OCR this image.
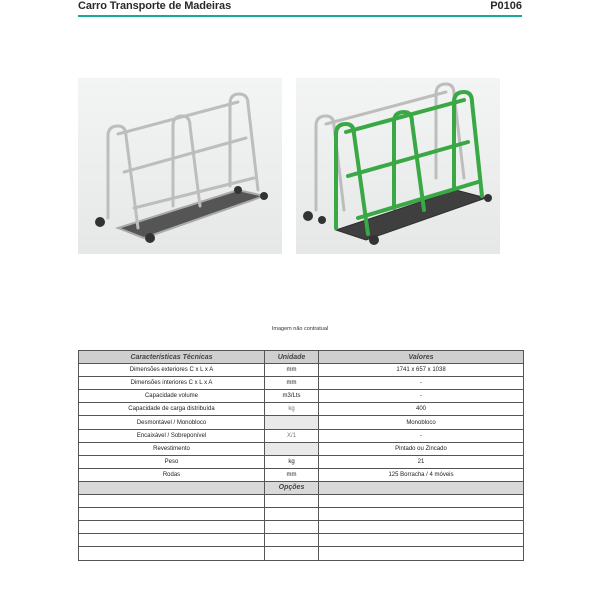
Carro Transporte de Madeiras	P0106
Imagem não contratual
Características Técnicas	Unidade	Valores
Dimensões exteriores C x L x A	mm	1741 x 657 x 1038
Dimensões interiores C x L x A	mm	-
Capacidade volume	m3/Lts	-
Capacidade de carga distribuída	kg	400
Desmontável / Monobloco		Monobloco
Encaixável / Sobreponível	X/1	-
Revestimento		Pintado ou Zincado
Peso	kg	21
Rodas	mm	125 Borracha / 4 móveis
	Opções	
